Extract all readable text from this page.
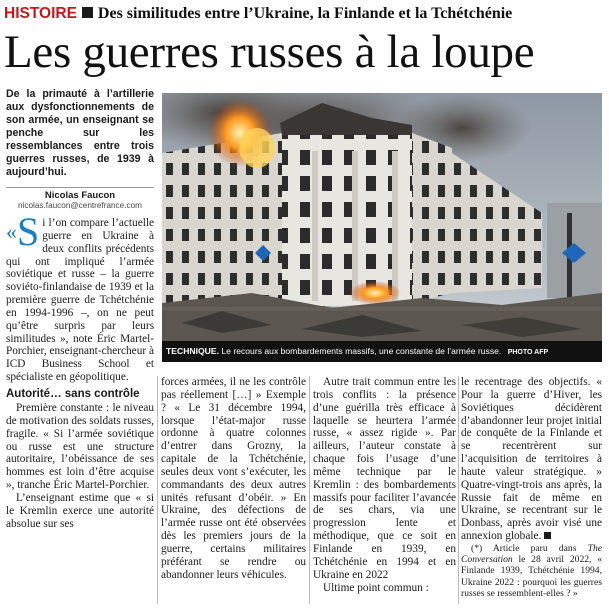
HISTOIRE Des similitudes entre l’Ukraine, la Finlande et la Tchétchénie
Les guerres russes à la loupe
De la primauté à l’artillerie aux dysfonctionnements de son armée, un enseignant se penche sur les ressemblances entre trois guerres russes, de 1939 à aujourd’hui.
Nicolas Faucon
nicolas.faucon@centrefrance.com
TECHNIQUE. Le recours aux bombardements massifs, une constante de l’armée russe. PHOTO AFP
«S i l’on compare l’actuelle guerre en Ukraine à deux conflits précédents qui ont impliqué l’armée soviétique et russe – la guerre soviéto-finlandaise de 1939 et la première guerre de Tchétchénie en 1994-1996 –, on ne peut qu’être surpris par leurs similitudes », note Éric Martel-Porchier, enseignant-chercheur à ICD Business School et spécialiste en géopolitique.
Autorité… sans contrôle

Première constante : le niveau de motivation des soldats russes, fragile. « Si l’armée soviétique ou russe est une structure autoritaire, l’obéissance de ses hommes est loin d’être acquise », tranche Éric Martel-Porchier.

L’enseignant estime que « si le Kremlin exerce une autorité absolue sur ses

forces armées, il ne les contrôle pas réellement […] » Exemple ? « Le 31 décembre 1994, lorsque l’état-major russe ordonne à quatre colonnes d’entrer dans Grozny, la capitale de la Tchétchénie, seules deux vont s’exécuter, les commandants des deux autres unités refusant d’obéir. » En Ukraine, des défections de l’armée russe ont été observées dès les premiers jours de la guerre, certains militaires préférant se rendre ou abandonner leurs véhicules.

Autre trait commun entre les trois conflits : la présence d’une guérilla très efficace à laquelle se heurtera l’armée russe, « assez rigide ». Par ailleurs, l’auteur constate à chaque fois l’usage d’une même technique par le Kremlin : des bombardements massifs pour faciliter l’avancée de ses chars, via une progression lente et méthodique, que ce soit en Finlande en 1939, en Tchétchénie en 1994 et en Ukraine en 2022

Ultime point commun :

le recentrage des objectifs. « Pour la guerre d’Hiver, les Soviétiques décidèrent d’abandonner leur projet initial de conquête de la Finlande et se recentrèrent sur l’acquisition de territoires à haute valeur stratégique. » Quatre-vingt-trois ans après, la Russie fait de même en Ukraine, se recentrant sur le Donbass, après avoir visé une annexion globale.

(*) Article paru dans The Conversation le 28 avril 2022, « Finlande 1939, Tchétchénie 1994, Ukraine 2022 : pourquoi les guerres russes se ressemblent-elles ? »
